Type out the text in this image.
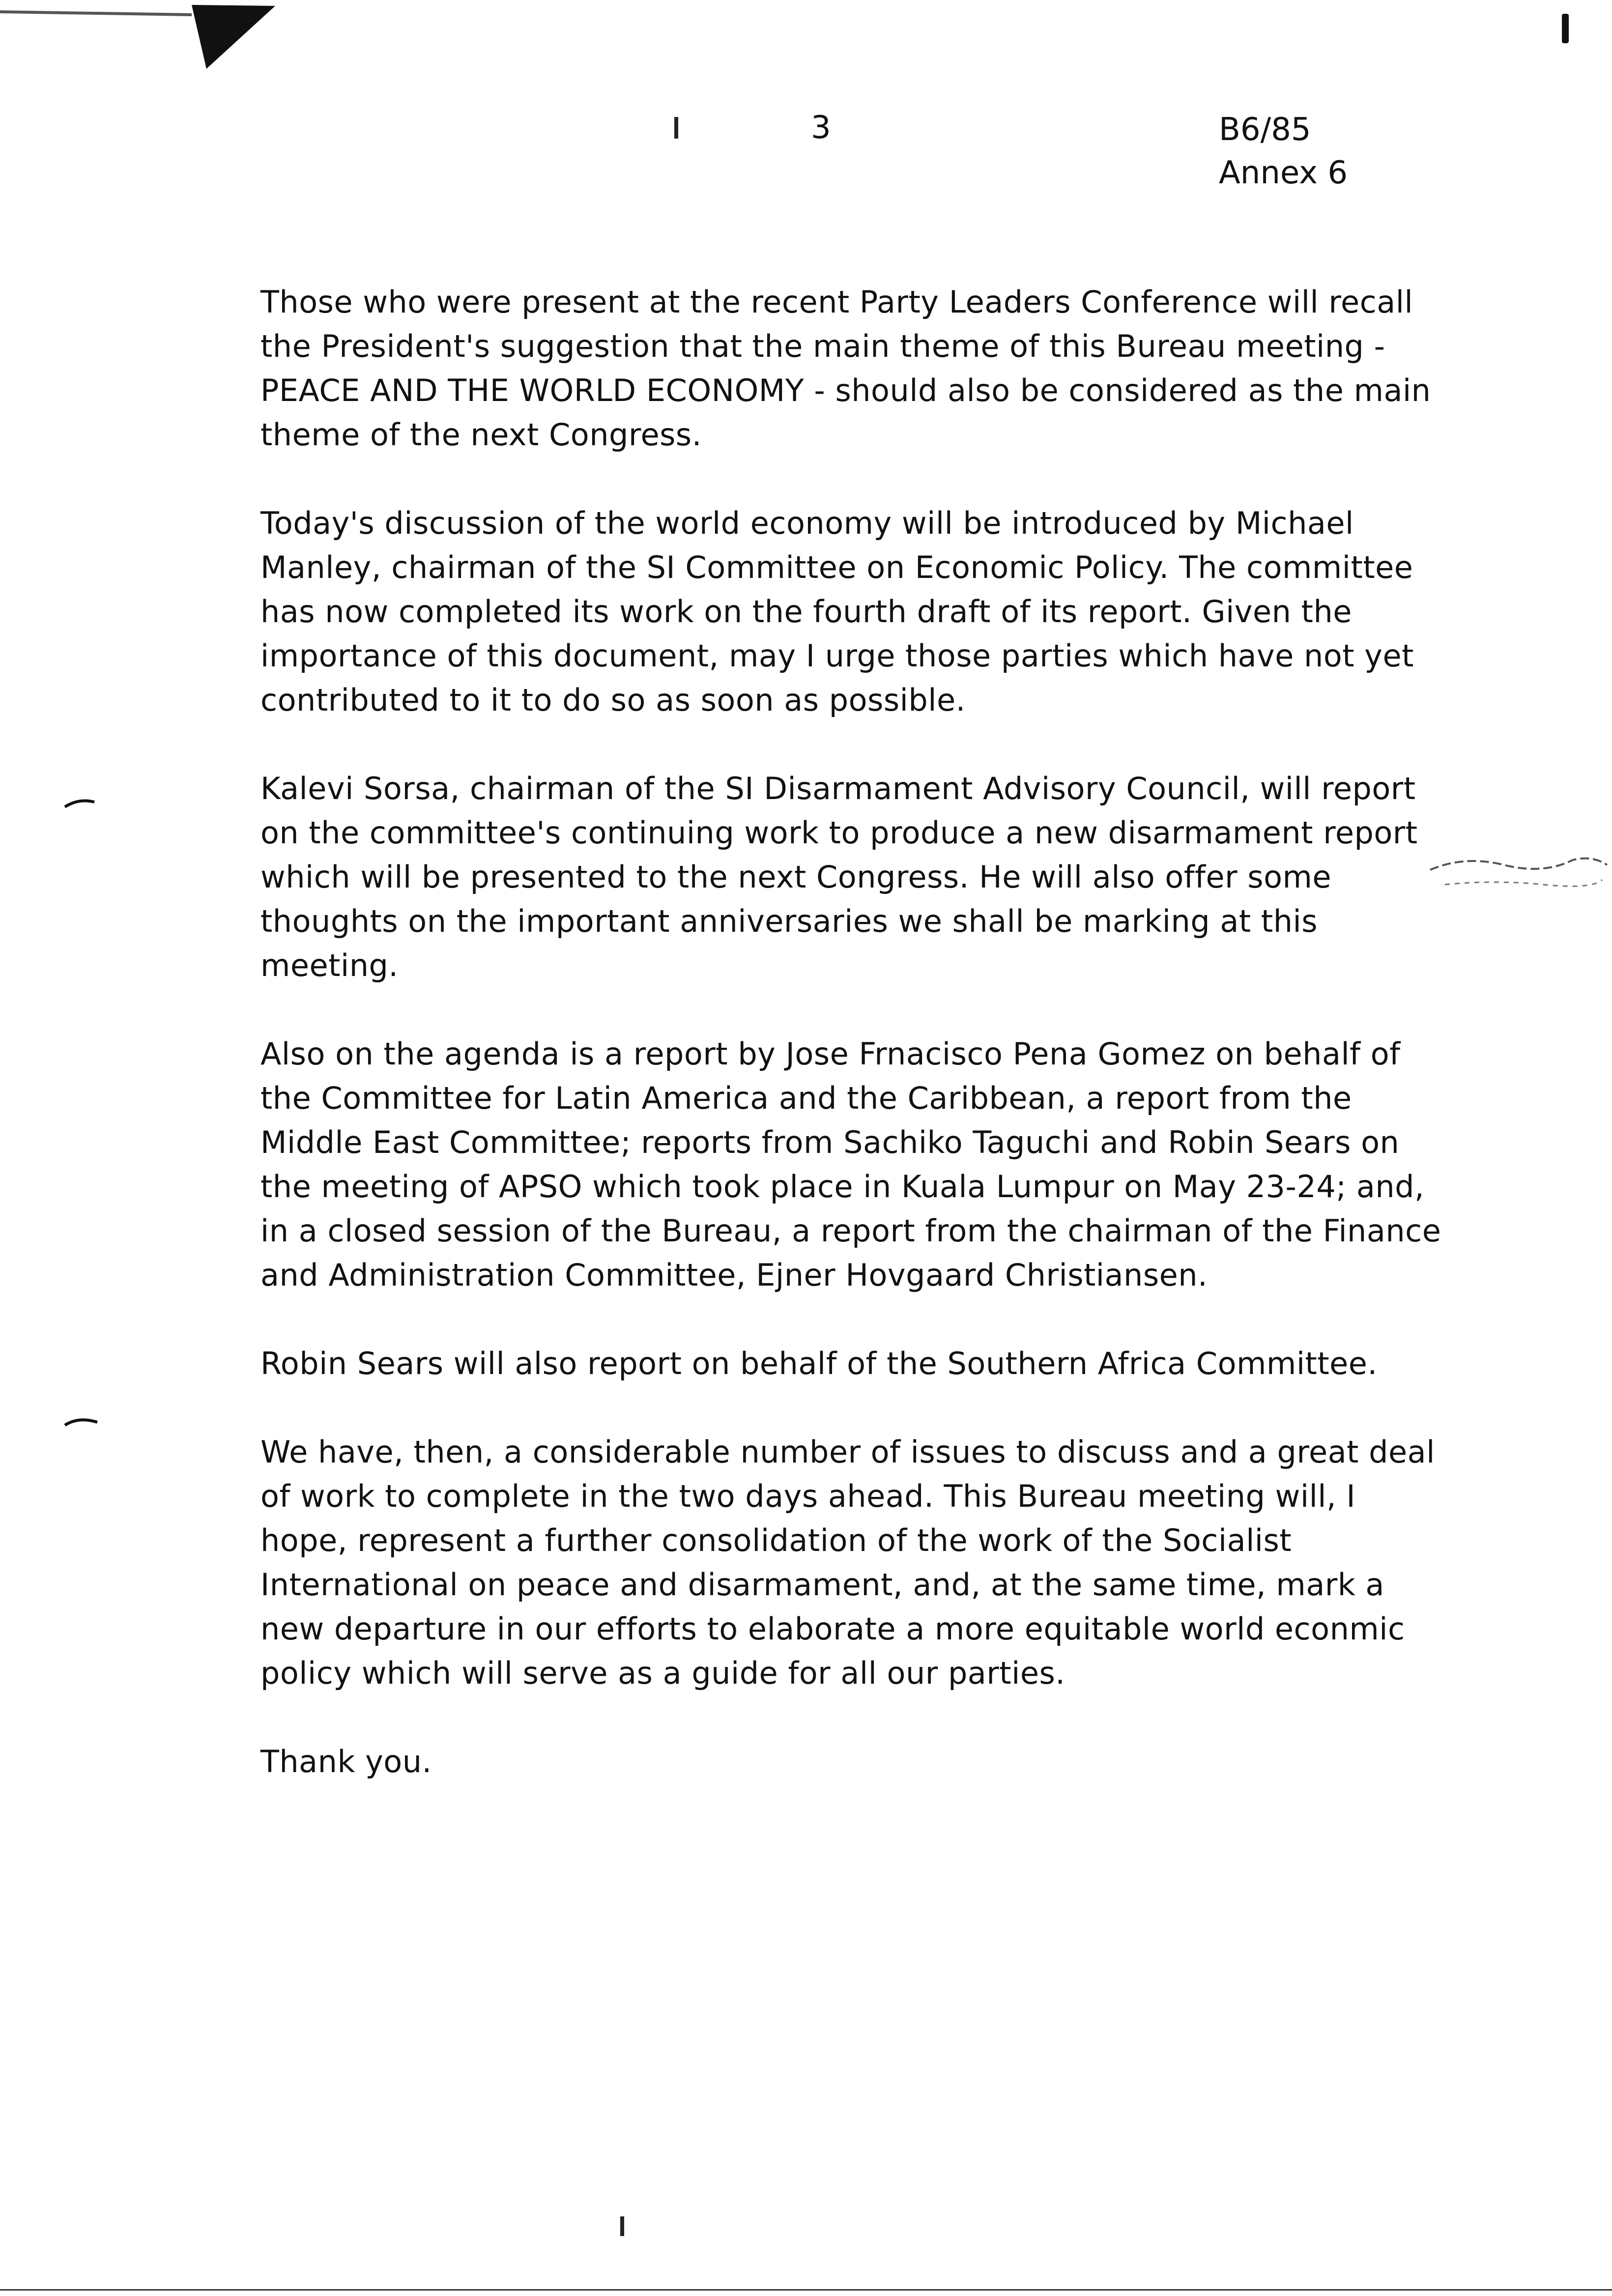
3	B6/85
Annex 6

Those who were present at the recent Party Leaders Conference will recall the President's suggestion that the main theme of this Bureau meeting - PEACE AND THE WORLD ECONOMY - should also be considered as the main theme of the next Congress.

Today's discussion of the world economy will be introduced by Michael Manley, chairman of the SI Committee on Economic Policy. The committee has now completed its work on the fourth draft of its report. Given the importance of this document, may I urge those parties which have not yet contributed to it to do so as soon as possible.

Kalevi Sorsa, chairman of the SI Disarmament Advisory Council, will report on the committee's continuing work to produce a new disarmament report which will be presented to the next Congress. He will also offer some thoughts on the important anniversaries we shall be marking at this meeting.

Also on the agenda is a report by Jose Frnacisco Pena Gomez on behalf of the Committee for Latin America and the Caribbean, a report from the Middle East Committee; reports from Sachiko Taguchi and Robin Sears on the meeting of APSO which took place in Kuala Lumpur on May 23-24; and, in a closed session of the Bureau, a report from the chairman of the Finance and Administration Committee, Ejner Hovgaard Christiansen.

Robin Sears will also report on behalf of the Southern Africa Committee.

We have, then, a considerable number of issues to discuss and a great deal of work to complete in the two days ahead. This Bureau meeting will, I hope, represent a further consolidation of the work of the Socialist International on peace and disarmament, and, at the same time, mark a new departure in our efforts to elaborate a more equitable world econmic policy which will serve as a guide for all our parties.

Thank you.
